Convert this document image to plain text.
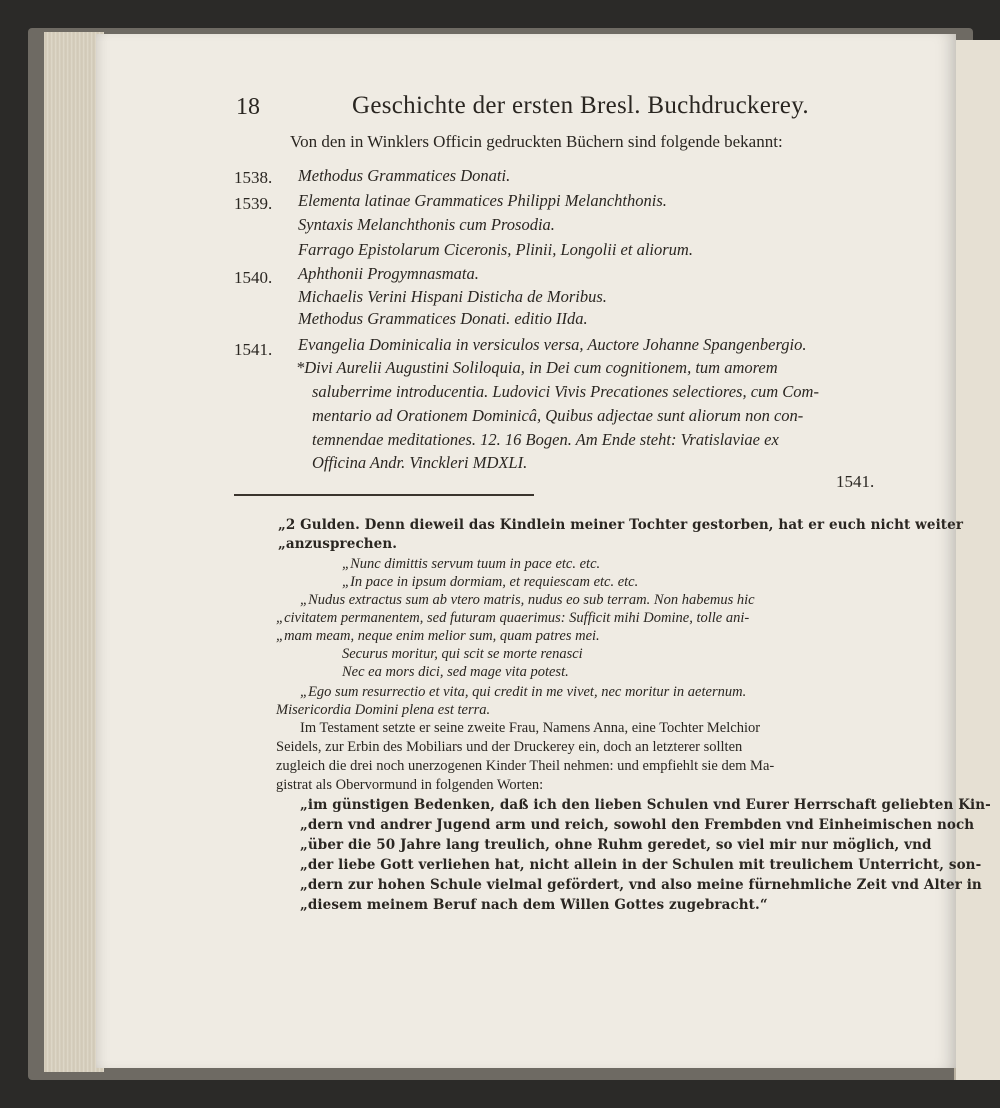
18	Geschichte der ersten Bresl. Buchdruckerey.
Von den in Winklers Officin gedruckten Büchern sind folgende bekannt:
1538. Methodus Grammatices Donati.
1539. Elementa latinae Grammatices Philippi Melanchthonis.
Syntaxis Melanchthonis cum Prosodia.
Farrago Epistolarum Ciceronis, Plinii, Longolii et aliorum.
1540. Aphthonii Progymnasmata.
Michaelis Verini Hispani Disticha de Moribus.
Methodus Grammatices Donati. editio IIda.
1541. Evangelia Dominicalia in versiculos versa, Auctore Johanne Spangenbergio.
*Divi Aurelii Augustini Soliloquia, in Dei cum cognitionem, tum amorem
saluberrime introducentia. Ludovici Vivis Precationes selectiores, cum Com-
mentario ad Orationem Dominicâ, Quibus adjectae sunt aliorum non con-
temnendae meditationes. 12. 16 Bogen. Am Ende steht: Vratislaviae ex
Officina Andr. Vinckleri MDXLI.
1541.
„2 Gulden. Denn dieweil das Kindlein meiner Tochter gestorben, hat er euch nicht weiter
„anzusprechen.
„Nunc dimittis servum tuum in pace etc. etc.
„In pace in ipsum dormiam, et requiescam etc. etc.
„Nudus extractus sum ab vtero matris, nudus eo sub terram. Non habemus hic
„civitatem permanentem, sed futuram quaerimus: Sufficit mihi Domine, tolle ani-
„mam meam, neque enim melior sum, quam patres mei.
Securus moritur, qui scit se morte renasci
Nec ea mors dici, sed mage vita potest.
„Ego sum resurrectio et vita, qui credit in me vivet, nec moritur in aeternum.
Misericordia Domini plena est terra.
Im Testament setzte er seine zweite Frau, Namens Anna, eine Tochter Melchior
Seidels, zur Erbin des Mobiliars und der Druckerey ein, doch an letzterer sollten
zugleich die drei noch unerzogenen Kinder Theil nehmen: und empfiehlt sie dem Ma-
gistrat als Obervormund in folgenden Worten:
„im günstigen Bedenken, daß ich den lieben Schulen vnd Eurer Herrschaft geliebten Kin-
„dern vnd andrer Jugend arm und reich, sowohl den Frembden vnd Einheimischen noch
„über die 50 Jahre lang treulich, ohne Ruhm geredet, so viel mir nur möglich, vnd
„der liebe Gott verliehen hat, nicht allein in der Schulen mit treulichem Unterricht, son-
„dern zur hohen Schule vielmal gefördert, vnd also meine fürnehmliche Zeit vnd Alter in
„diesem meinem Beruf nach dem Willen Gottes zugebracht.“
